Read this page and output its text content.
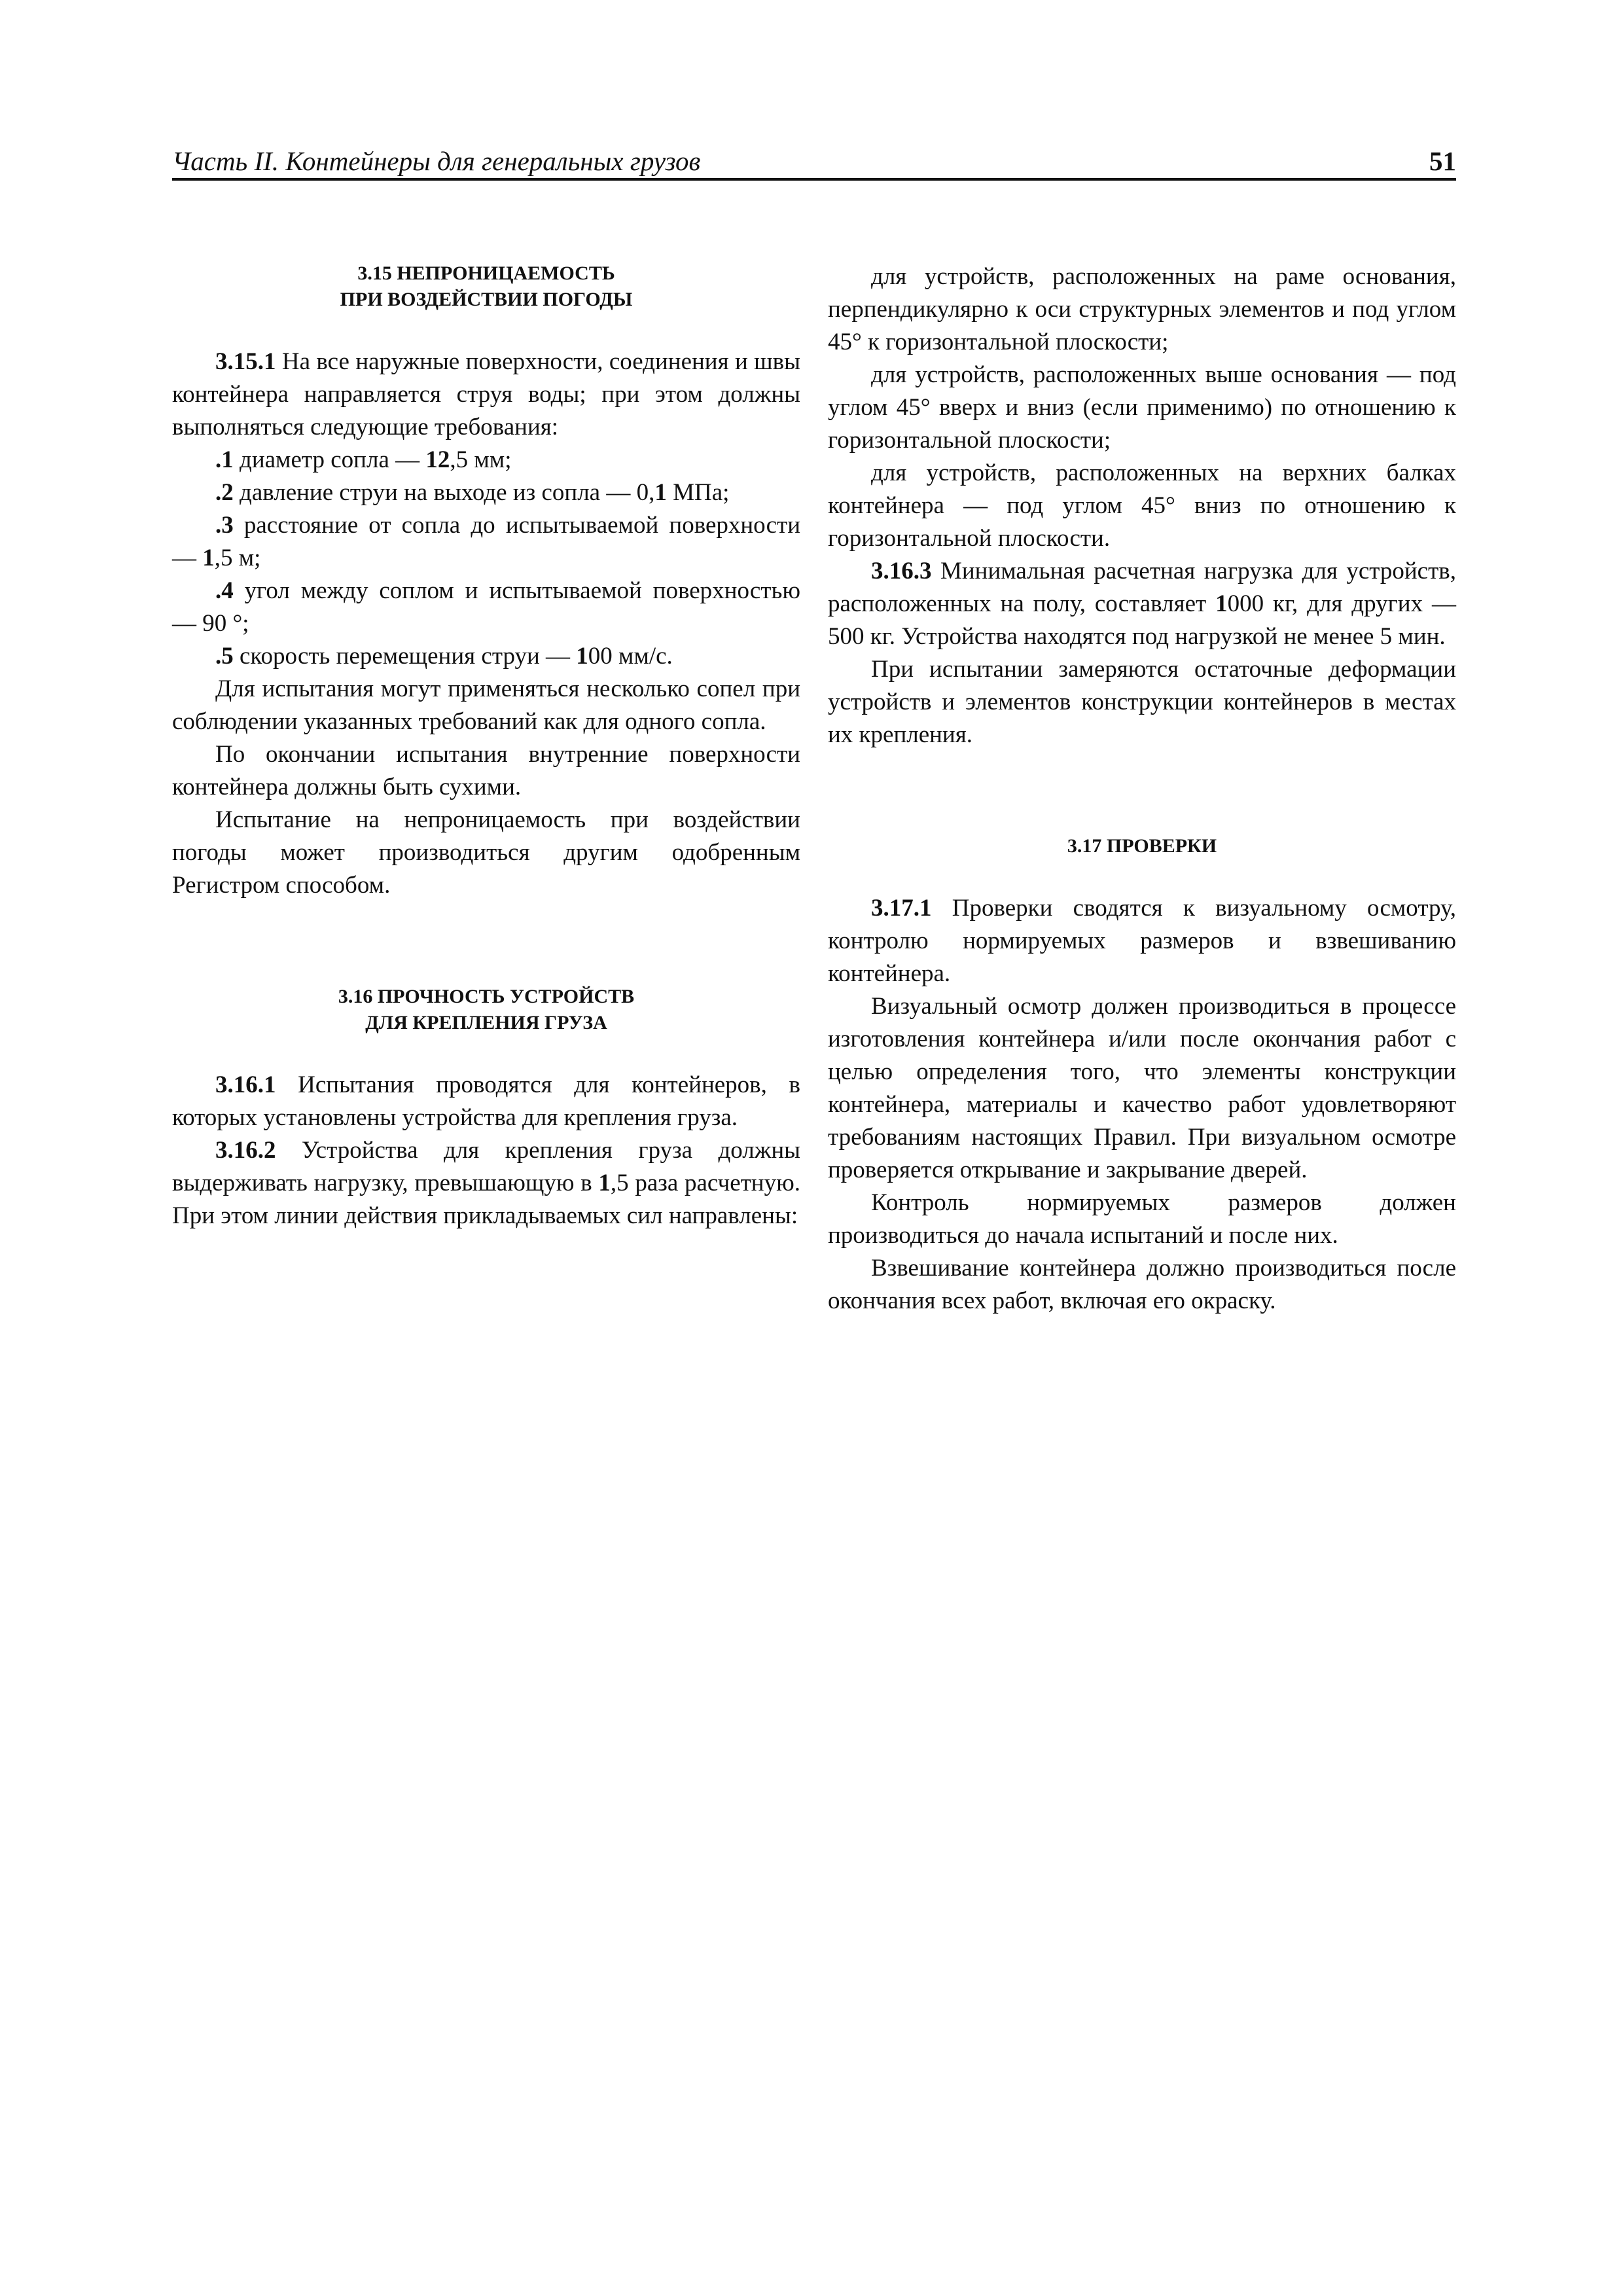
Часть II. Контейнеры для генеральных грузов	51
3.15 НЕПРОНИЦАЕМОСТЬ
ПРИ ВОЗДЕЙСТВИИ ПОГОДЫ

3.15.1 На все наружные поверхности, соединения и швы контейнера направляется струя воды; при этом должны выполняться следующие требования:

.1 диаметр сопла — 12,5 мм;

.2 давление струи на выходе из сопла — 0,1 МПа;

.3 расстояние от сопла до испытываемой поверхности — 1,5 м;

.4 угол между соплом и испытываемой поверхностью — 90 °;

.5 скорость перемещения струи — 100 мм/с.

Для испытания могут применяться несколько сопел при соблюдении указанных требований как для одного сопла.

По окончании испытания внутренние поверхности контейнера должны быть сухими.

Испытание на непроницаемость при воздействии погоды может производиться другим одобренным Регистром способом.

3.16 ПРОЧНОСТЬ УСТРОЙСТВ
ДЛЯ КРЕПЛЕНИЯ ГРУЗА

3.16.1 Испытания проводятся для контейнеров, в которых установлены устройства для крепления груза.

3.16.2 Устройства для крепления груза должны выдерживать нагрузку, превышающую в 1,5 раза расчетную. При этом линии действия прикладываемых сил направлены:

для устройств, расположенных на раме основания, перпендикулярно к оси структурных элементов и под углом 45° к горизонтальной плоскости;

для устройств, расположенных выше основания — под углом 45° вверх и вниз (если применимо) по отношению к горизонтальной плоскости;

для устройств, расположенных на верхних балках контейнера — под углом 45° вниз по отношению к горизонтальной плоскости.

3.16.3 Минимальная расчетная нагрузка для устройств, расположенных на полу, составляет 1000 кг, для других — 500 кг. Устройства находятся под нагрузкой не менее 5 мин.

При испытании замеряются остаточные деформации устройств и элементов конструкции контейнеров в местах их крепления.

3.17 ПРОВЕРКИ

3.17.1 Проверки сводятся к визуальному осмотру, контролю нормируемых размеров и взвешиванию контейнера.

Визуальный осмотр должен производиться в процессе изготовления контейнера и/или после окончания работ с целью определения того, что элементы конструкции контейнера, материалы и качество работ удовлетворяют требованиям настоящих Правил. При визуальном осмотре проверяется открывание и закрывание дверей.

Контроль нормируемых размеров должен производиться до начала испытаний и после них.

Взвешивание контейнера должно производиться после окончания всех работ, включая его окраску.
